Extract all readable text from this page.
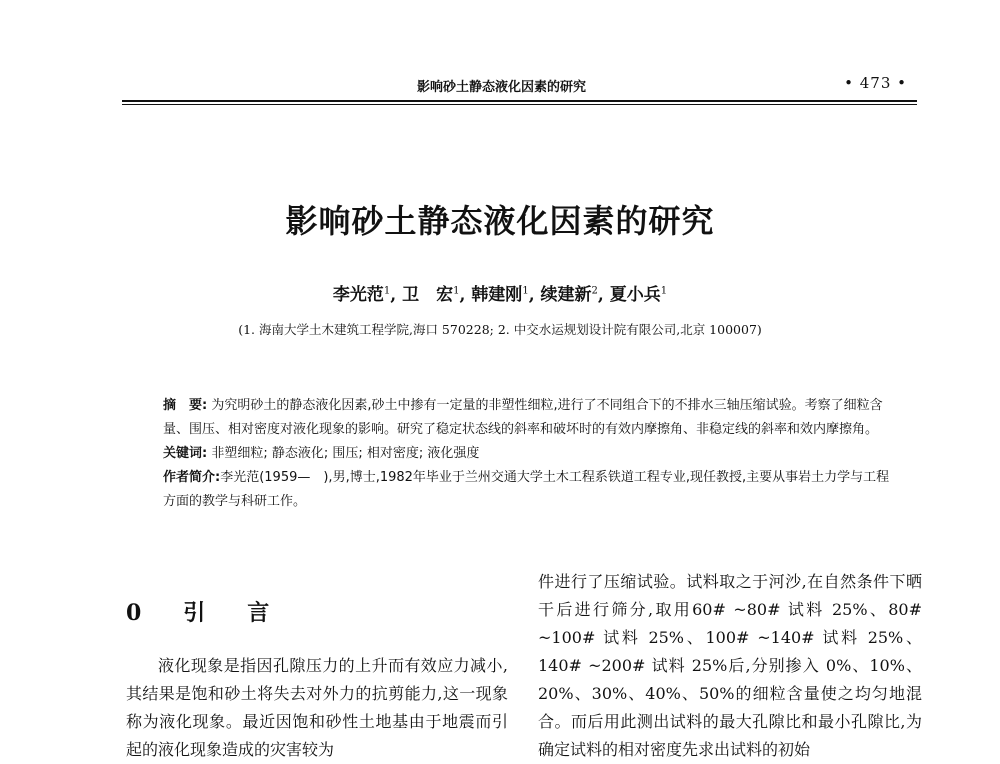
影响砂土静态液化因素的研究	• 473 •
影响砂土静态液化因素的研究
李光范$^1$, 卫　宏$^1$, 韩建刚$^1$, 续建新$^2$, 夏小兵$^1$
(1. 海南大学土木建筑工程学院,海口 570228; 2. 中交水运规划设计院有限公司,北京 100007)

摘　要: 为究明砂土的静态液化因素,砂土中掺有一定量的非塑性细粒,进行了不同组合下的不排水三轴压缩试验。考察了细粒含量、围压、相对密度对液化现象的影响。研究了稳定状态线的斜率和破坏时的有效内摩擦角、非稳定线的斜率和效内摩擦角。

关键词: 非塑细粒; 静态液化; 围压; 相对密度; 液化强度

作者简介:李光范(1959—　),男,博士,1982年毕业于兰州交通大学土木工程系铁道工程专业,现任教授,主要从事岩土力学与工程方面的教学与科研工作。

0　引　言

液化现象是指因孔隙压力的上升而有效应力减小,其结果是饱和砂土将失去对外力的抗剪能力,这一现象称为液化现象。最近因饱和砂性土地基由于地震而引起的液化现象造成的灾害较为

件进行了压缩试验。试料取之于河沙,在自然条件下晒干后进行筛分,取用60# ~80# 试料 25%、80# ~100# 试料 25%、100# ~140# 试料 25%、140# ~200# 试料 25%后,分别掺入 0%、10%、20%、30%、40%、50%的细粒含量使之均匀地混合。而后用此测出试料的最大孔隙比和最小孔隙比,为确定试料的相对密度先求出试料的初始
